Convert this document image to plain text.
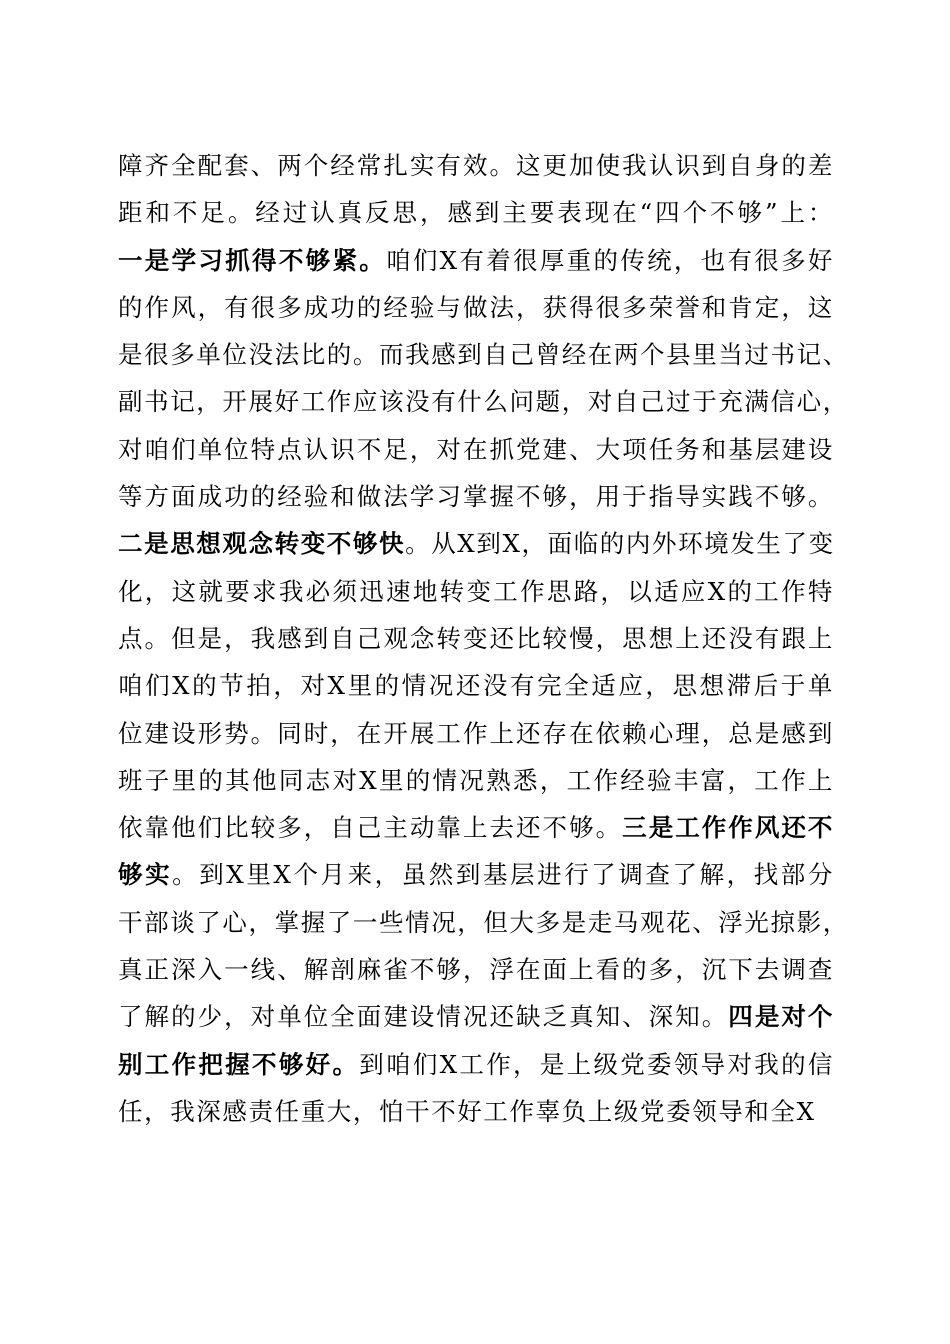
障齐全配套、两个经常扎实有效。这更加使我认识到自身的差
距和不足。经过认真反思，感到主要表现在“四个不够”上：
一是学习抓得不够紧。咱们X有着很厚重的传统，也有很多好
的作风，有很多成功的经验与做法，获得很多荣誉和肯定，这
是很多单位没法比的。而我感到自己曾经在两个县里当过书记、
副书记，开展好工作应该没有什么问题，对自己过于充满信心，
对咱们单位特点认识不足，对在抓党建、大项任务和基层建设
等方面成功的经验和做法学习掌握不够，用于指导实践不够。
二是思想观念转变不够快。从X到X，面临的内外环境发生了变
化，这就要求我必须迅速地转变工作思路，以适应X的工作特
点。但是，我感到自己观念转变还比较慢，思想上还没有跟上
咱们X的节拍，对X里的情况还没有完全适应，思想滞后于单
位建设形势。同时，在开展工作上还存在依赖心理，总是感到
班子里的其他同志对X里的情况熟悉，工作经验丰富，工作上
依靠他们比较多，自己主动靠上去还不够。三是工作作风还不
够实。到X里X个月来，虽然到基层进行了调查了解，找部分
干部谈了心，掌握了一些情况，但大多是走马观花、浮光掠影，
真正深入一线、解剖麻雀不够，浮在面上看的多，沉下去调查
了解的少，对单位全面建设情况还缺乏真知、深知。四是对个
别工作把握不够好。到咱们X工作，是上级党委领导对我的信
任，我深感责任重大，怕干不好工作辜负上级党委领导和全X
